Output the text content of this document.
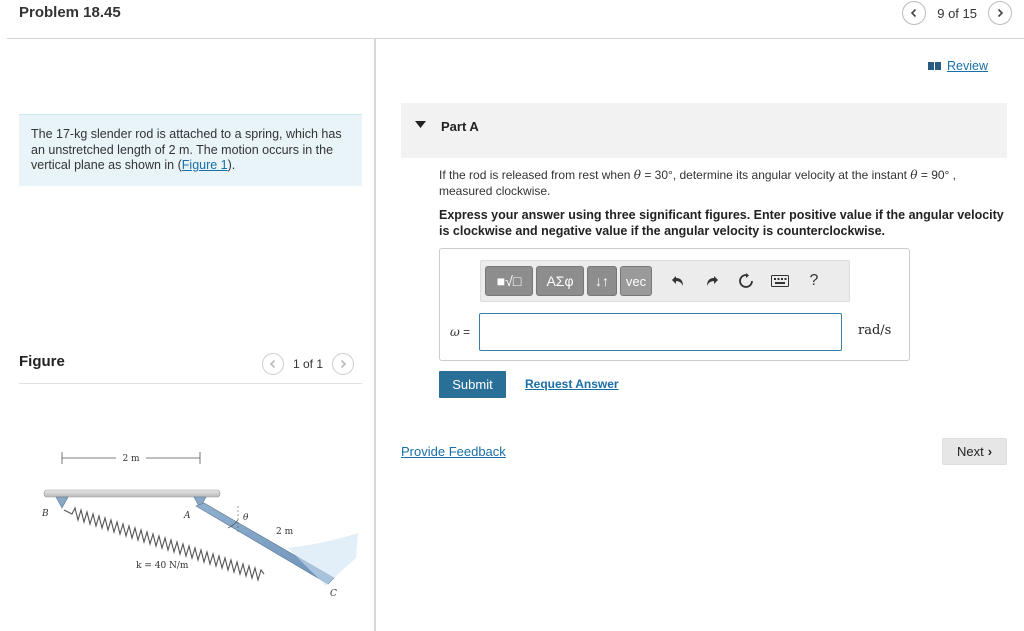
Problem 18.45	9 of 15
The 17-kg slender rod is attached to a spring, which has an unstretched length of 2 m. The motion occurs in the vertical plane as shown in (Figure 1).
Figure	1 of 1
2 m
θ
B	A
C
2 m
k = 40 N/m
Review
Part A
If the rod is released from rest when θ = 30°, determine its angular velocity at the instant θ = 90° , measured clockwise.
Express your answer using three significant figures. Enter positive value if the angular velocity is clockwise and negative value if the angular velocity is counterclockwise.
■√□	ΑΣφ	↓↑	vec	?
ω =	rad/s
Submit	Request Answer
Provide Feedback	Next ›
